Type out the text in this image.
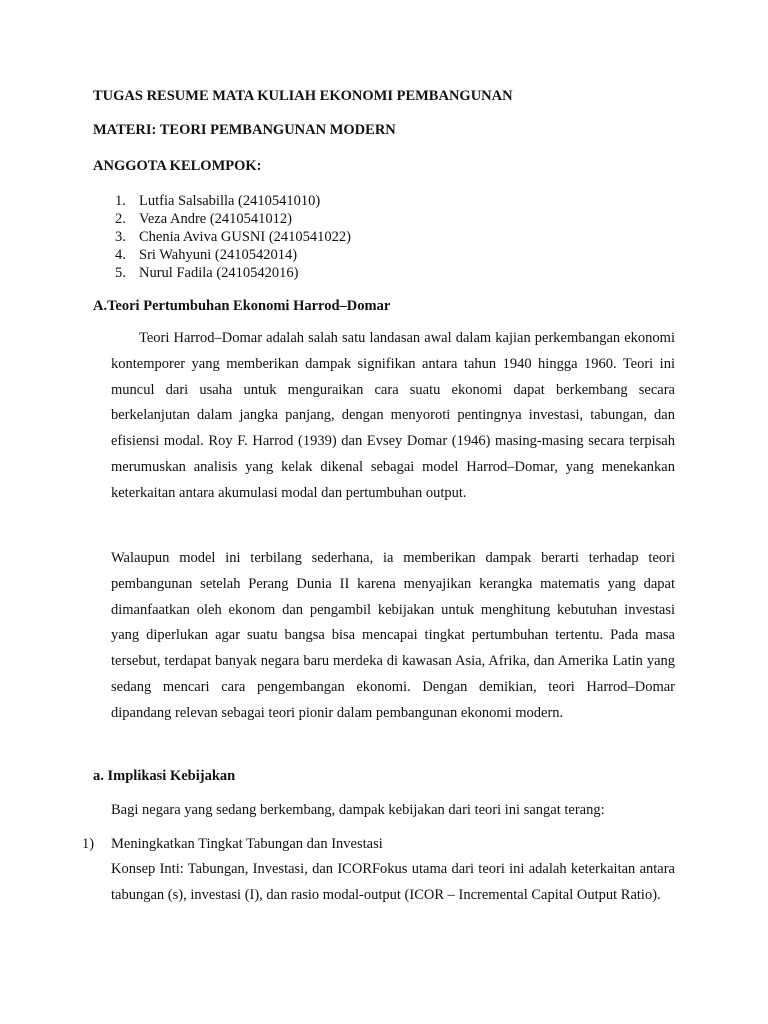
TUGAS RESUME MATA KULIAH EKONOMI PEMBANGUNAN

MATERI: TEORI PEMBANGUNAN MODERN

ANGGOTA KELOMPOK:

1. Lutfia Salsabilla (2410541010)
2. Veza Andre (2410541012)
3. Chenia Aviva GUSNI (2410541022)
4. Sri Wahyuni (2410542014)
5. Nurul Fadila (2410542016)

A.Teori Pertumbuhan Ekonomi Harrod–Domar

Teori Harrod–Domar adalah salah satu landasan awal dalam kajian perkembangan ekonomi kontemporer yang memberikan dampak signifikan antara tahun 1940 hingga 1960. Teori ini muncul dari usaha untuk menguraikan cara suatu ekonomi dapat berkembang secara berkelanjutan dalam jangka panjang, dengan menyoroti pentingnya investasi, tabungan, dan efisiensi modal. Roy F. Harrod (1939) dan Evsey Domar (1946) masing-masing secara terpisah merumuskan analisis yang kelak dikenal sebagai model Harrod–Domar, yang menekankan keterkaitan antara akumulasi modal dan pertumbuhan output.

Walaupun model ini terbilang sederhana, ia memberikan dampak berarti terhadap teori pembangunan setelah Perang Dunia II karena menyajikan kerangka matematis yang dapat dimanfaatkan oleh ekonom dan pengambil kebijakan untuk menghitung kebutuhan investasi yang diperlukan agar suatu bangsa bisa mencapai tingkat pertumbuhan tertentu. Pada masa tersebut, terdapat banyak negara baru merdeka di kawasan Asia, Afrika, dan Amerika Latin yang sedang mencari cara pengembangan ekonomi. Dengan demikian, teori Harrod–Domar dipandang relevan sebagai teori pionir dalam pembangunan ekonomi modern.

a. Implikasi Kebijakan

Bagi negara yang sedang berkembang, dampak kebijakan dari teori ini sangat terang:

1) Meningkatkan Tingkat Tabungan dan Investasi

Konsep Inti: Tabungan, Investasi, dan ICORFokus utama dari teori ini adalah keterkaitan antara tabungan (s), investasi (I), dan rasio modal-output (ICOR – Incremental Capital Output Ratio).
